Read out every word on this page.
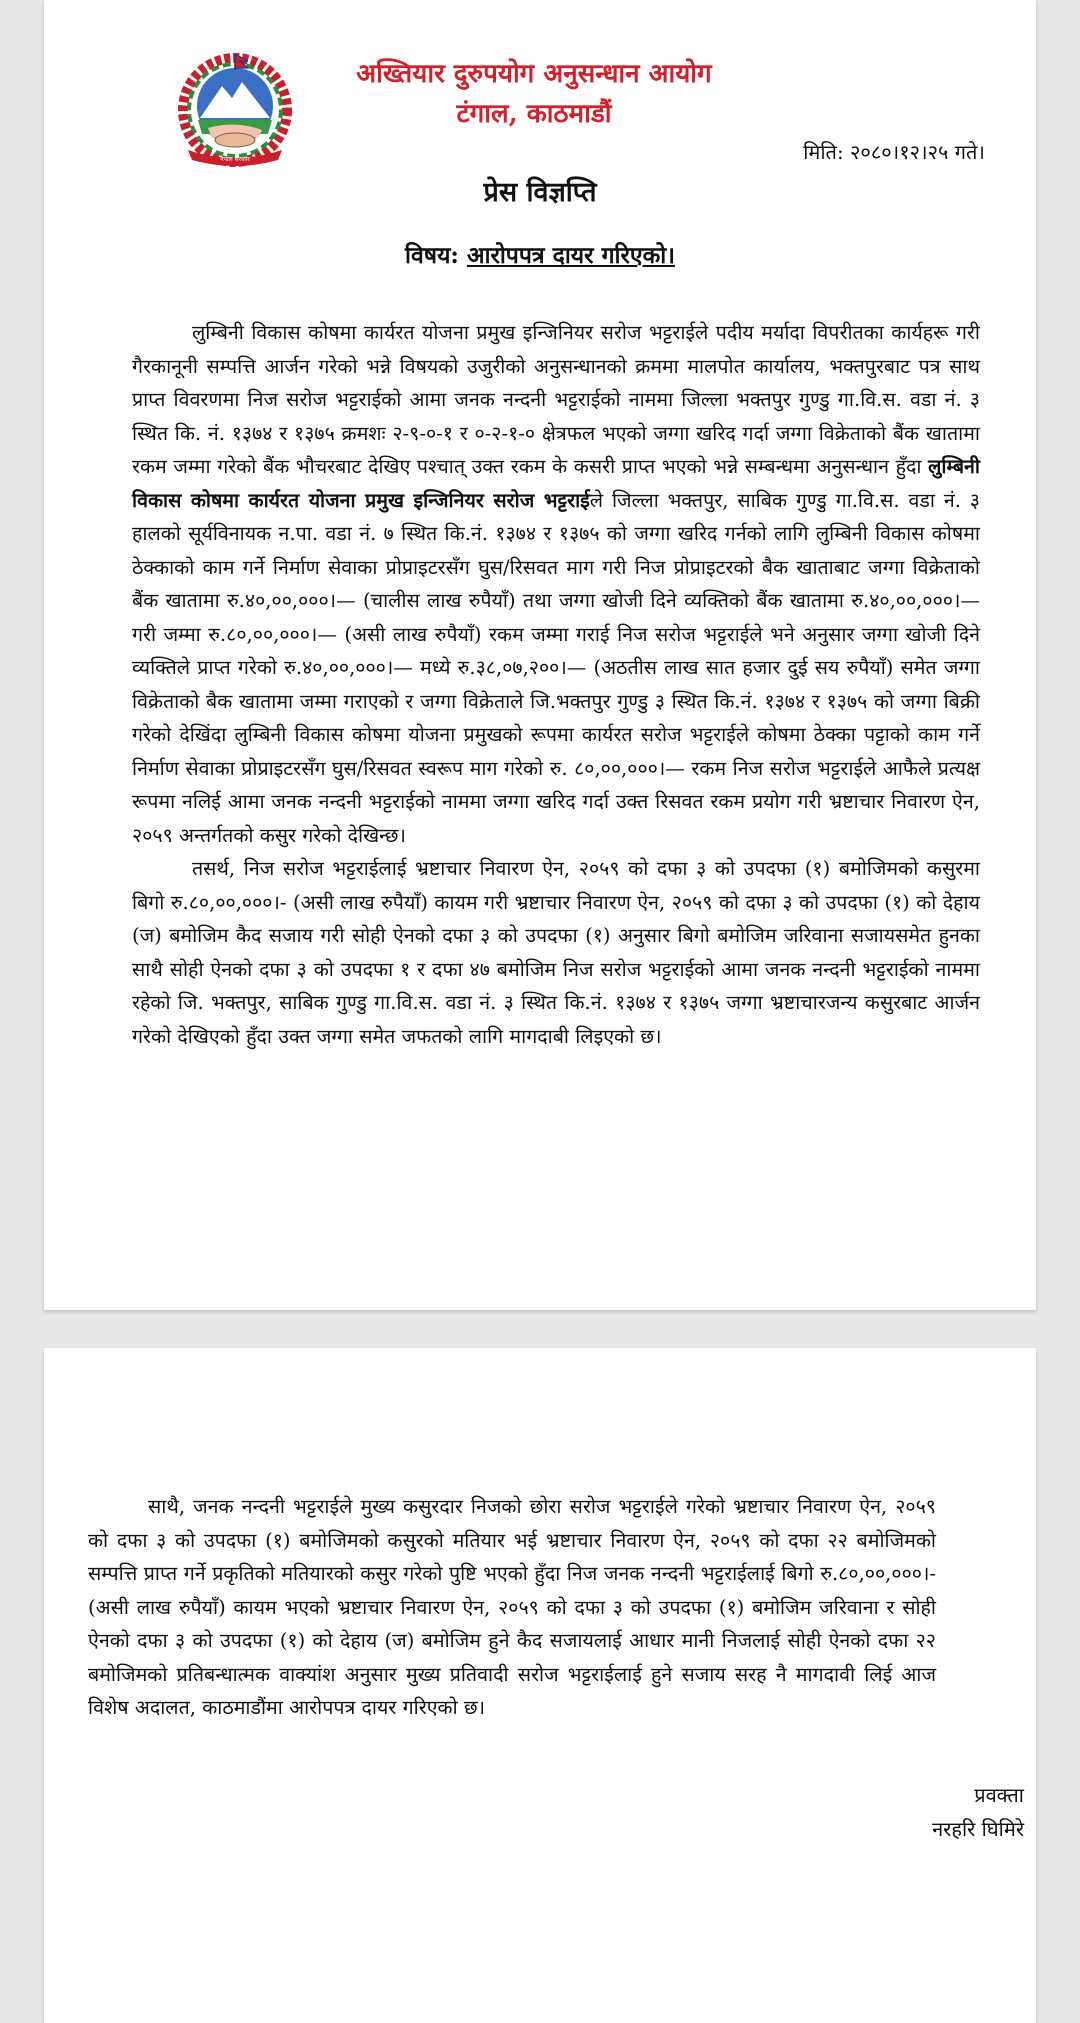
नेपाल सरकार
अख्तियार दुरुपयोग अनुसन्धान आयोग
टंगाल, काठमाडौं
मिति: २०८०।१२।२५ गते।
प्रेस विज्ञप्ति
विषय: आरोपपत्र दायर गरिएको।

लुम्बिनी विकास कोषमा कार्यरत योजना प्रमुख इन्जिनियर सरोज भट्टराईले पदीय मर्यादा विपरीतका कार्यहरू गरी गैरकानूनी सम्पत्ति आर्जन गरेको भन्ने विषयको उजुरीको अनुसन्धानको क्रममा मालपोत कार्यालय, भक्तपुरबाट पत्र साथ प्राप्त विवरणमा निज सरोज भट्टराईको आमा जनक नन्दनी भट्टराईको नाममा जिल्ला भक्तपुर गुण्डु गा.वि.स. वडा नं. ३ स्थित कि. नं. १३७४ र १३७५ क्रमशः २-९-०-१ र ०-२-१-० क्षेत्रफल भएको जग्गा खरिद गर्दा जग्गा विक्रेताको बैंक खातामा रकम जम्मा गरेको बैंक भौचरबाट देखिए पश्चात् उक्त रकम के कसरी प्राप्त भएको भन्ने सम्बन्धमा अनुसन्धान हुँदा लुम्बिनी विकास कोषमा कार्यरत योजना प्रमुख इन्जिनियर सरोज भट्टराईले जिल्ला भक्तपुर, साबिक गुण्डु गा.वि.स. वडा नं. ३ हालको सूर्यविनायक न.पा. वडा नं. ७ स्थित कि.नं. १३७४ र १३७५ को जग्गा खरिद गर्नको लागि लुम्बिनी विकास कोषमा ठेक्काको काम गर्ने निर्माण सेवाका प्रोप्राइटरसँग घुस/रिसवत माग गरी निज प्रोप्राइटरको बैक खाताबाट जग्गा विक्रेताको बैंक खातामा रु.४०,००,०००।— (चालीस लाख रुपैयाँ) तथा जग्गा खोजी दिने व्यक्तिको बैंक खातामा रु.४०,००,०००।—गरी जम्मा रु.८०,००,०००।— (असी लाख रुपैयाँ) रकम जम्मा गराई निज सरोज भट्टराईले भने अनुसार जग्गा खोजी दिने व्यक्तिले प्राप्त गरेको रु.४०,००,०००।— मध्ये रु.३८,०७,२००।— (अठतीस लाख सात हजार दुई सय रुपैयाँ) समेत जग्गा विक्रेताको बैक खातामा जम्मा गराएको र जग्गा विक्रेताले जि.भक्तपुर गुण्डु ३ स्थित कि.नं. १३७४ र १३७५ को जग्गा बिक्री गरेको देखिंदा लुम्बिनी विकास कोषमा योजना प्रमुखको रूपमा कार्यरत सरोज भट्टराईले कोषमा ठेक्का पट्टाको काम गर्ने निर्माण सेवाका प्रोप्राइटरसँग घुस/रिसवत स्वरूप माग गरेको रु. ८०,००,०००।— रकम निज सरोज भट्टराईले आफैले प्रत्यक्ष रूपमा नलिई आमा जनक नन्दनी भट्टराईको नाममा जग्गा खरिद गर्दा उक्त रिसवत रकम प्रयोग गरी भ्रष्टाचार निवारण ऐन, २०५९ अन्तर्गतको कसुर गरेको देखिन्छ।

तसर्थ, निज सरोज भट्टराईलाई भ्रष्टाचार निवारण ऐन, २०५९ को दफा ३ को उपदफा (१) बमोजिमको कसुरमा बिगो रु.८०,००,०००।- (असी लाख रुपैयाँ) कायम गरी भ्रष्टाचार निवारण ऐन, २०५९ को दफा ३ को उपदफा (१) को देहाय (ज) बमोजिम कैद सजाय गरी सोही ऐनको दफा ३ को उपदफा (१) अनुसार बिगो बमोजिम जरिवाना सजायसमेत हुनका साथै सोही ऐनको दफा ३ को उपदफा १ र दफा ४७ बमोजिम निज सरोज भट्टराईको आमा जनक नन्दनी भट्टराईको नाममा रहेको जि. भक्तपुर, साबिक गुण्डु गा.वि.स. वडा नं. ३ स्थित कि.नं. १३७४ र १३७५ जग्गा भ्रष्टाचारजन्य कसुरबाट आर्जन गरेको देखिएको हुँदा उक्त जग्गा समेत जफतको लागि मागदाबी लिइएको छ।

साथै, जनक नन्दनी भट्टराईले मुख्य कसुरदार निजको छोरा सरोज भट्टराईले गरेको भ्रष्टाचार निवारण ऐन, २०५९ को दफा ३ को उपदफा (१) बमोजिमको कसुरको मतियार भई भ्रष्टाचार निवारण ऐन, २०५९ को दफा २२ बमोजिमको सम्पत्ति प्राप्त गर्ने प्रकृतिको मतियारको कसुर गरेको पुष्टि भएको हुँदा निज जनक नन्दनी भट्टराईलाई बिगो रु.८०,००,०००।- (असी लाख रुपैयाँ) कायम भएको भ्रष्टाचार निवारण ऐन, २०५९ को दफा ३ को उपदफा (१) बमोजिम जरिवाना र सोही ऐनको दफा ३ को उपदफा (१) को देहाय (ज) बमोजिम हुने कैद सजायलाई आधार मानी निजलाई सोही ऐनको दफा २२ बमोजिमको प्रतिबन्धात्मक वाक्यांश अनुसार मुख्य प्रतिवादी सरोज भट्टराईलाई हुने सजाय सरह नै मागदावी लिई आज विशेष अदालत, काठमाडौंमा आरोपपत्र दायर गरिएको छ।

प्रवक्ता
नरहरि घिमिरे
